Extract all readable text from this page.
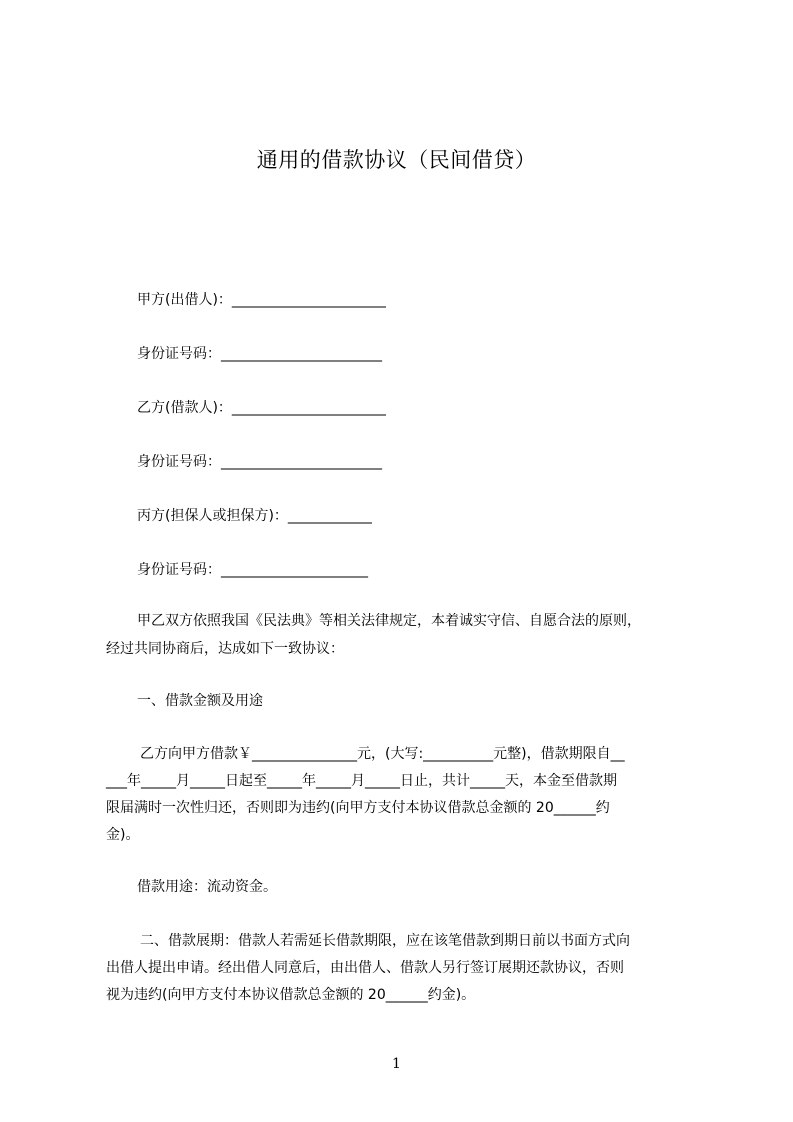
通用的借款协议（民间借贷）
甲方(出借人)：______________________
身份证号码：_______________________
乙方(借款人)：______________________
身份证号码：_______________________
丙方(担保人或担保方)：____________
身份证号码：_____________________
甲乙双方依照我国《民法典》等相关法律规定，本着诚实守信、自愿合法的原则，
经过共同协商后，达成如下一致协议：
一、借款金额及用途
乙方向甲方借款￥_______________元，(大写:__________元整)，借款期限自__
___年_____月_____日起至_____年_____月_____日止，共计_____天，本金至借款期
限届满时一次性归还，否则即为违约(向甲方支付本协议借款总金额的 20______约
金)。
借款用途：流动资金。
二、借款展期：借款人若需延长借款期限，应在该笔借款到期日前以书面方式向
出借人提出申请。经出借人同意后，由出借人、借款人另行签订展期还款协议，否则
视为违约(向甲方支付本协议借款总金额的 20______约金)。
1
